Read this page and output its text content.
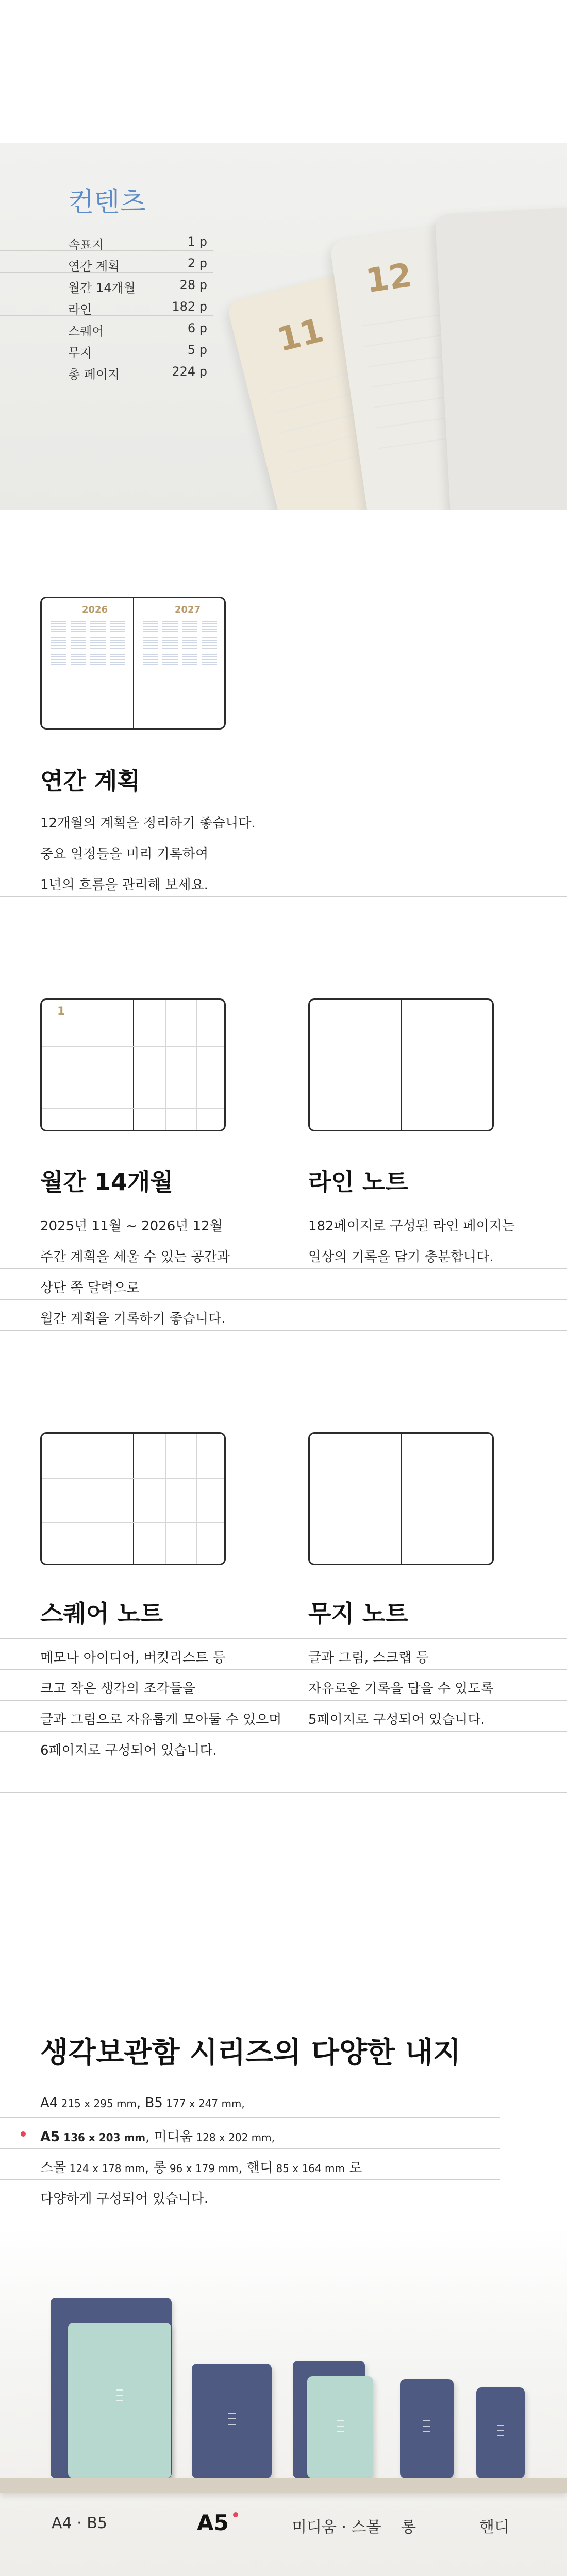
컨텐츠
속표지	1 p
연간 계획	2 p
월간 14개월	28 p
라인	182 p
스퀘어	6 p
무지	5 p
총 페이지	224 p
11
12
2026	2027
연간 계획
12개월의 계획을 정리하기 좋습니다.
중요 일정들을 미리 기록하여
1년의 흐름을 관리해 보세요.
1
월간 14개월	라인 노트
2025년 11월 ~ 2026년 12월
주간 계획을 세울 수 있는 공간과
상단 쪽 달력으로
월간 계획을 기록하기 좋습니다.
182페이지로 구성된 라인 페이지는
일상의 기록을 담기 충분합니다.
스퀘어 노트	무지 노트
메모나 아이디어, 버킷리스트 등
크고 작은 생각의 조각들을
글과 그림으로 자유롭게 모아둘 수 있으며
6페이지로 구성되어 있습니다.
글과 그림, 스크랩 등
자유로운 기록을 담을 수 있도록
5페이지로 구성되어 있습니다.
생각보관함 시리즈의 다양한 내지
A4 215 x 295 mm, B5 177 x 247 mm,
A5 136 x 203 mm, 미디움 128 x 202 mm,
스몰 124 x 178 mm, 롱 96 x 179 mm, 핸디 85 x 164 mm 로
다양하게 구성되어 있습니다.
A4 · B5	A5	미디움 · 스몰 롱	핸디
